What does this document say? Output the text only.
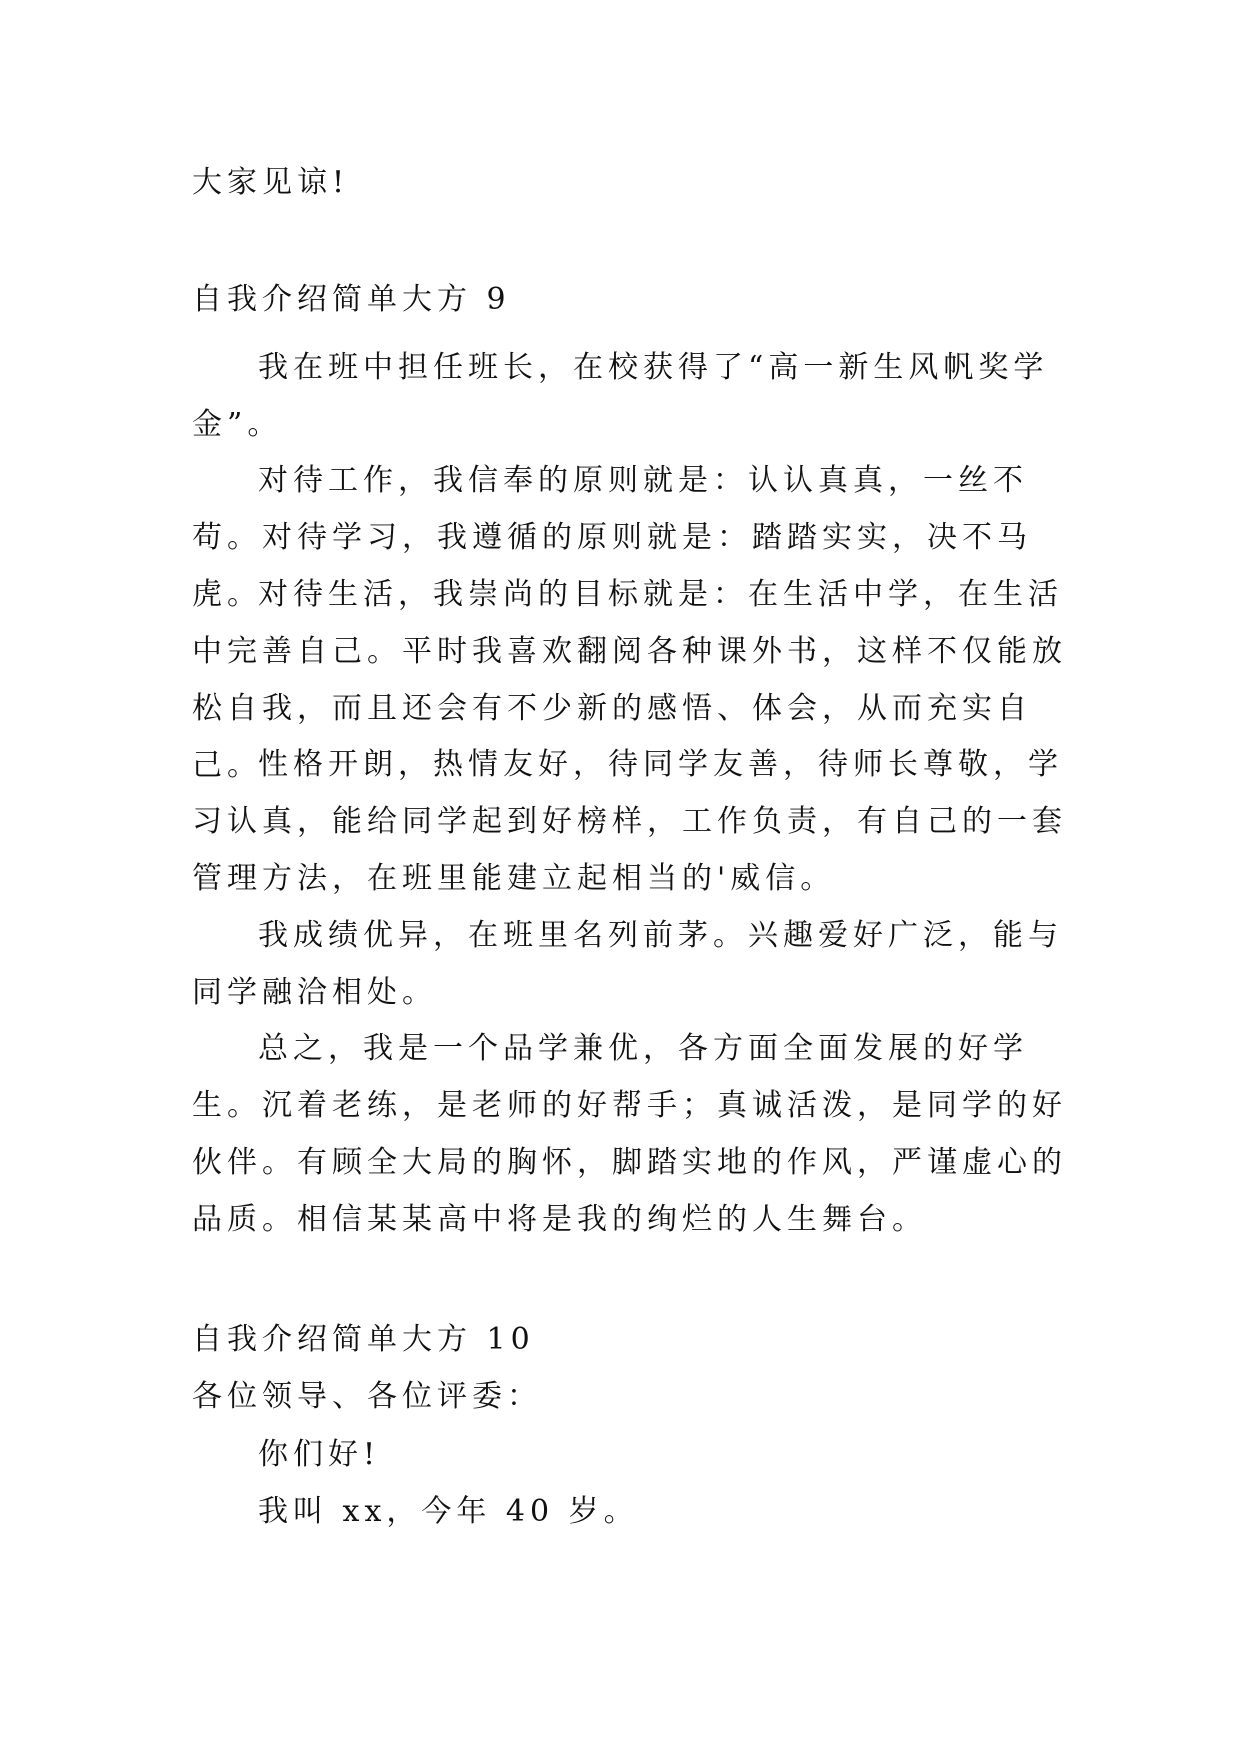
大家见谅!
自我介绍简单大方 9

我在班中担任班长，在校获得了“高一新生风帆奖学金”。

对待工作，我信奉的原则就是：认认真真，一丝不苟。对待学习，我遵循的原则就是：踏踏实实，决不马虎。

对待生活，我崇尚的目标就是：在生活中学，在生活中完善自己。平时我喜欢翻阅各种课外书，这样不仅能放松自我，而且还会有不少新的感悟、体会，从而充实自己。

性格开朗，热情友好，待同学友善，待师长尊敬，学习认真，能给同学起到好榜样，工作负责，有自己的一套管理方法，在班里能建立起相当的'威信。

我成绩优异，在班里名列前茅。兴趣爱好广泛，能与同学融洽相处。

总之，我是一个品学兼优，各方面全面发展的好学生。沉着老练，是老师的好帮手；真诚活泼，是同学的好伙伴。有顾全大局的胸怀，脚踏实地的作风，严谨虚心的品质。相信某某高中将是我的绚烂的人生舞台。

自我介绍简单大方 10
各位领导、各位评委：
你们好!
我叫 xx，今年 40 岁。
